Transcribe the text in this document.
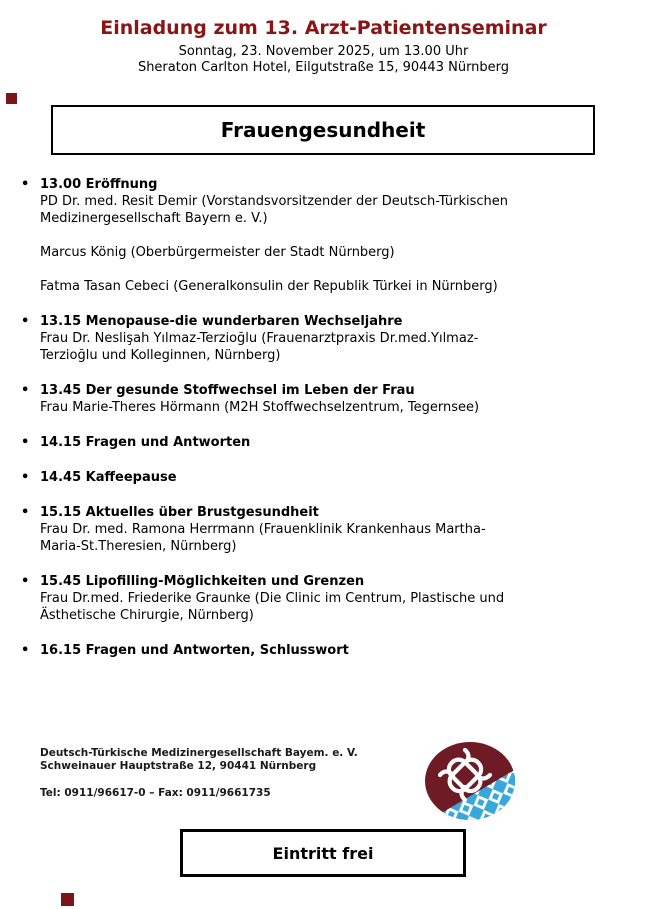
Einladung zum 13. Arzt-Patientenseminar
Sonntag, 23. November 2025, um 13.00 Uhr
Sheraton Carlton Hotel, Eilgutstraße 15, 90443 Nürnberg
Frauengesundheit
• 13.00 Eröffnung
PD Dr. med. Resit Demir (Vorstandsvorsitzender der Deutsch-Türkischen
Medizinergesellschaft Bayern e. V.)
Marcus König (Oberbürgermeister der Stadt Nürnberg)
Fatma Tasan Cebeci (Generalkonsulin der Republik Türkei in Nürnberg)
• 13.15 Menopause-die wunderbaren Wechseljahre
Frau Dr. Neslişah Yılmaz-Terzioğlu (Frauenarztpraxis Dr.med.Yılmaz-
Terzioğlu und Kolleginnen, Nürnberg)
• 13.45 Der gesunde Stoffwechsel im Leben der Frau
Frau Marie-Theres Hörmann (M2H Stoffwechselzentrum, Tegernsee)
• 14.15 Fragen und Antworten
• 14.45 Kaffeepause
• 15.15 Aktuelles über Brustgesundheit
Frau Dr. med. Ramona Herrmann (Frauenklinik Krankenhaus Martha-
Maria-St.Theresien, Nürnberg)
• 15.45 Lipofilling-Möglichkeiten und Grenzen
Frau Dr.med. Friederike Graunke (Die Clinic im Centrum, Plastische und
Ästhetische Chirurgie, Nürnberg)
• 16.15 Fragen und Antworten, Schlusswort
Deutsch-Türkische Medizinergesellschaft Bayem. e. V.
Schweinauer Hauptstraße 12, 90441 Nürnberg
Tel: 0911/96617-0 – Fax: 0911/9661735
Eintritt frei
